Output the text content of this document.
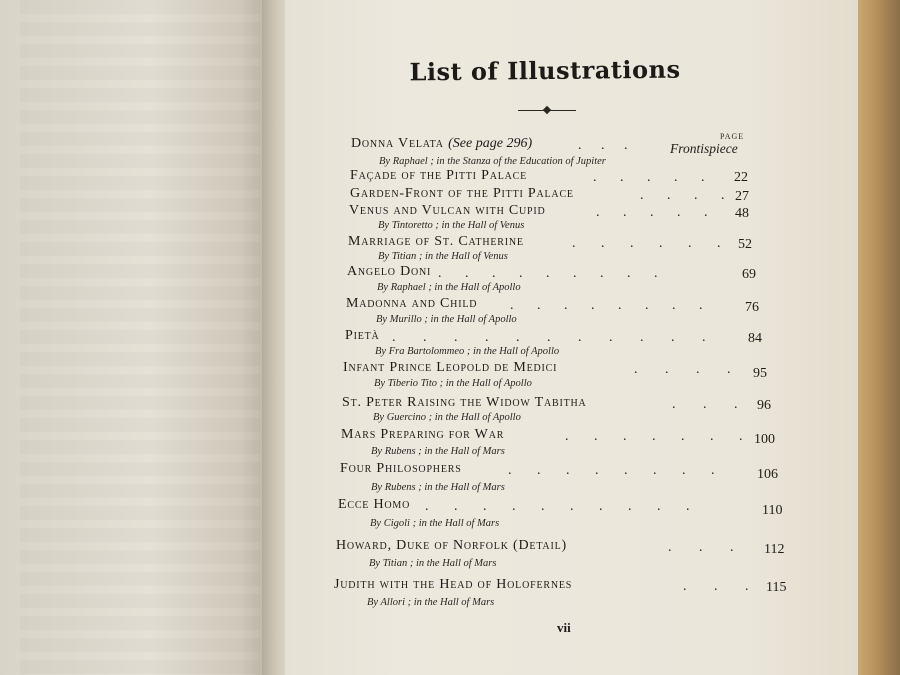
List of Illustrations
PAGE
Donna Velata (See page 296)	. . .	Frontispiece
By Raphael ; in the Stanza of the Education of Jupiter
Façade of the Pitti Palace	. . . . . 22
Garden-Front of the Pitti Palace	. . . . 27
Venus and Vulcan with Cupid	. . . . . 48
By Tintoretto ; in the Hall of Venus
Marriage of St. Catherine	. . . . . . 52
By Titian ; in the Hall of Venus
Angelo Doni . . . . . . . . .	69
By Raphael ; in the Hall of Apollo
Madonna and Child . . . . . . . . 76
By Murillo ; in the Hall of Apollo
Pietà . . . . . . . . . . . 84
By Fra Bartolommeo ; in the Hall of Apollo
Infant Prince Leopold de Medici	. . . . 95
By Tiberio Tito ; in the Hall of Apollo
St. Peter Raising the Widow Tabitha	. . . 96
By Guercino ; in the Hall of Apollo
Mars Preparing for War	. . . . . . . 100
By Rubens ; in the Hall of Mars
Four Philosophers	. . . . . . . . 106
By Rubens ; in the Hall of Mars
Ecce Homo . . . . . . . . . .	110
By Cigoli ; in the Hall of Mars
Howard, Duke of Norfolk (Detail)	. . . 112
By Titian ; in the Hall of Mars
Judith with the Head of Holofernes	. . . 115
By Allori ; in the Hall of Mars
vii
